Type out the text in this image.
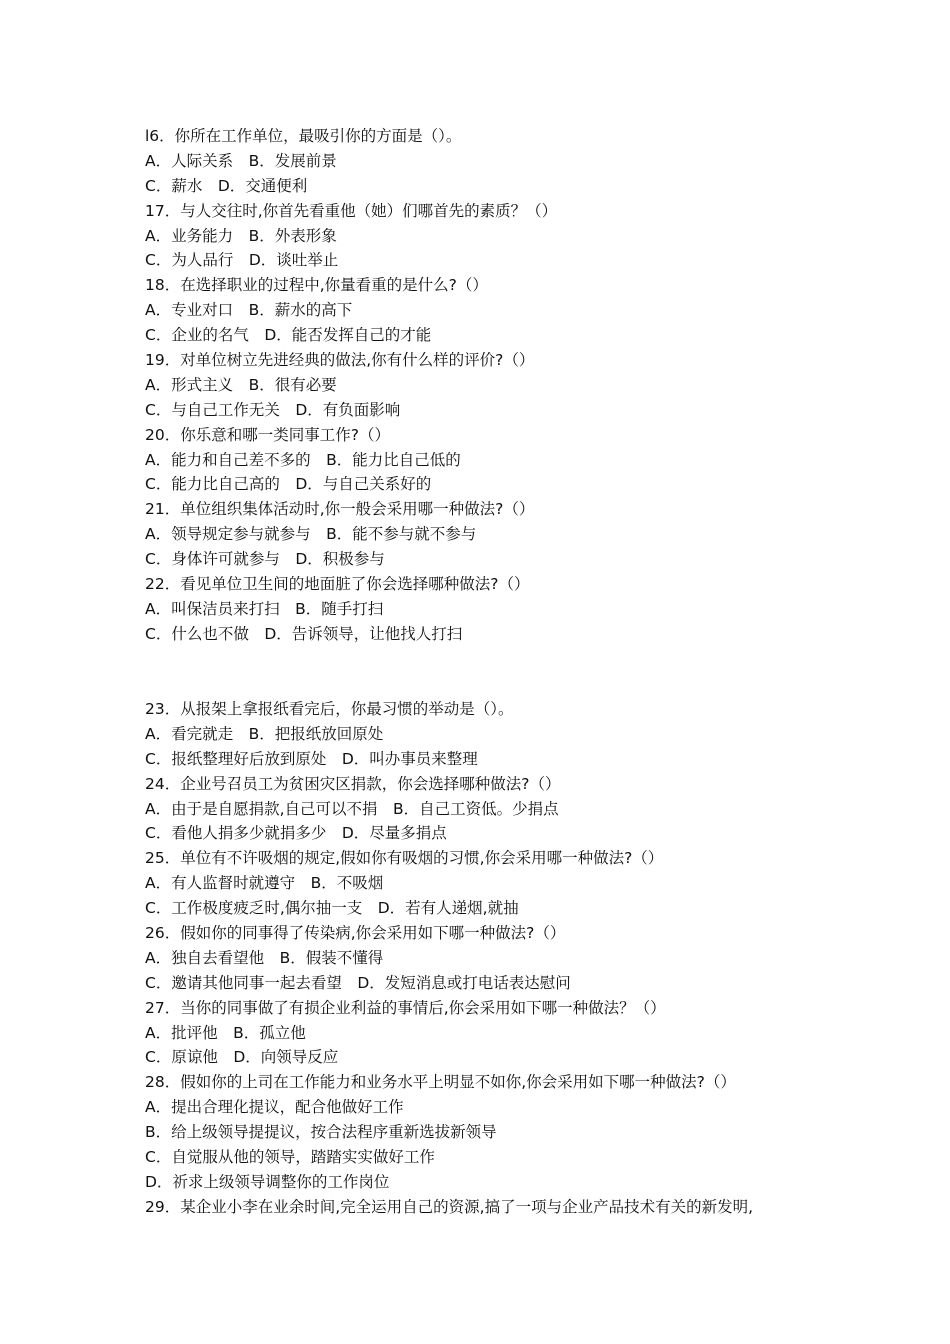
l6．你所在工作单位，最吸引你的方面是（）。
A．人际关系　B．发展前景
C．薪水　D．交通便利
17．与人交往时,你首先看重他（她）们哪首先的素质？（）
A．业务能力　B．外表形象
C．为人品行　D．谈吐举止
18．在选择职业的过程中,你量看重的是什么?（）
A．专业对口　B．薪水的高下
C．企业的名气　D．能否发挥自己的才能
19．对单位树立先进经典的做法,你有什么样的评价?（）
A．形式主义　B．很有必要
C．与自己工作无关　D．有负面影响
20．你乐意和哪一类同事工作?（）
A．能力和自己差不多的　B．能力比自己低的
C．能力比自己高的　D．与自己关系好的
21．单位组织集体活动时,你一般会采用哪一种做法?（）
A．领导规定参与就参与　B．能不参与就不参与
C．身体许可就参与　D．积极参与
22．看见单位卫生间的地面脏了你会选择哪种做法?（）
A．叫保洁员来打扫　B．随手打扫
C．什么也不做　D．告诉领导，让他找人打扫
23．从报架上拿报纸看完后，你最习惯的举动是（）。
A．看完就走　B．把报纸放回原处
C．报纸整理好后放到原处　D．叫办事员来整理
24．企业号召员工为贫困灾区捐款，你会选择哪种做法?（）
A．由于是自愿捐款,自己可以不捐　B．自己工资低。少捐点
C．看他人捐多少就捐多少　D．尽量多捐点
25．单位有不许吸烟的规定,假如你有吸烟的习惯,你会采用哪一种做法?（）
A．有人监督时就遵守　B．不吸烟
C．工作极度疲乏时,偶尔抽一支　D．若有人递烟,就抽
26．假如你的同事得了传染病,你会采用如下哪一种做法?（）
A．独自去看望他　B．假装不懂得
C．邀请其他同事一起去看望　D．发短消息或打电话表达慰问
27．当你的同事做了有损企业利益的事情后,你会采用如下哪一种做法？（）
A．批评他　B．孤立他
C．原谅他　D．向领导反应
28．假如你的上司在工作能力和业务水平上明显不如你,你会采用如下哪一种做法?（）
A．提出合理化提议，配合他做好工作
B．给上级领导提提议，按合法程序重新选拔新领导
C．自觉服从他的领导，踏踏实实做好工作
D．祈求上级领导调整你的工作岗位
29．某企业小李在业余时间,完全运用自己的资源,搞了一项与企业产品技术有关的新发明,
